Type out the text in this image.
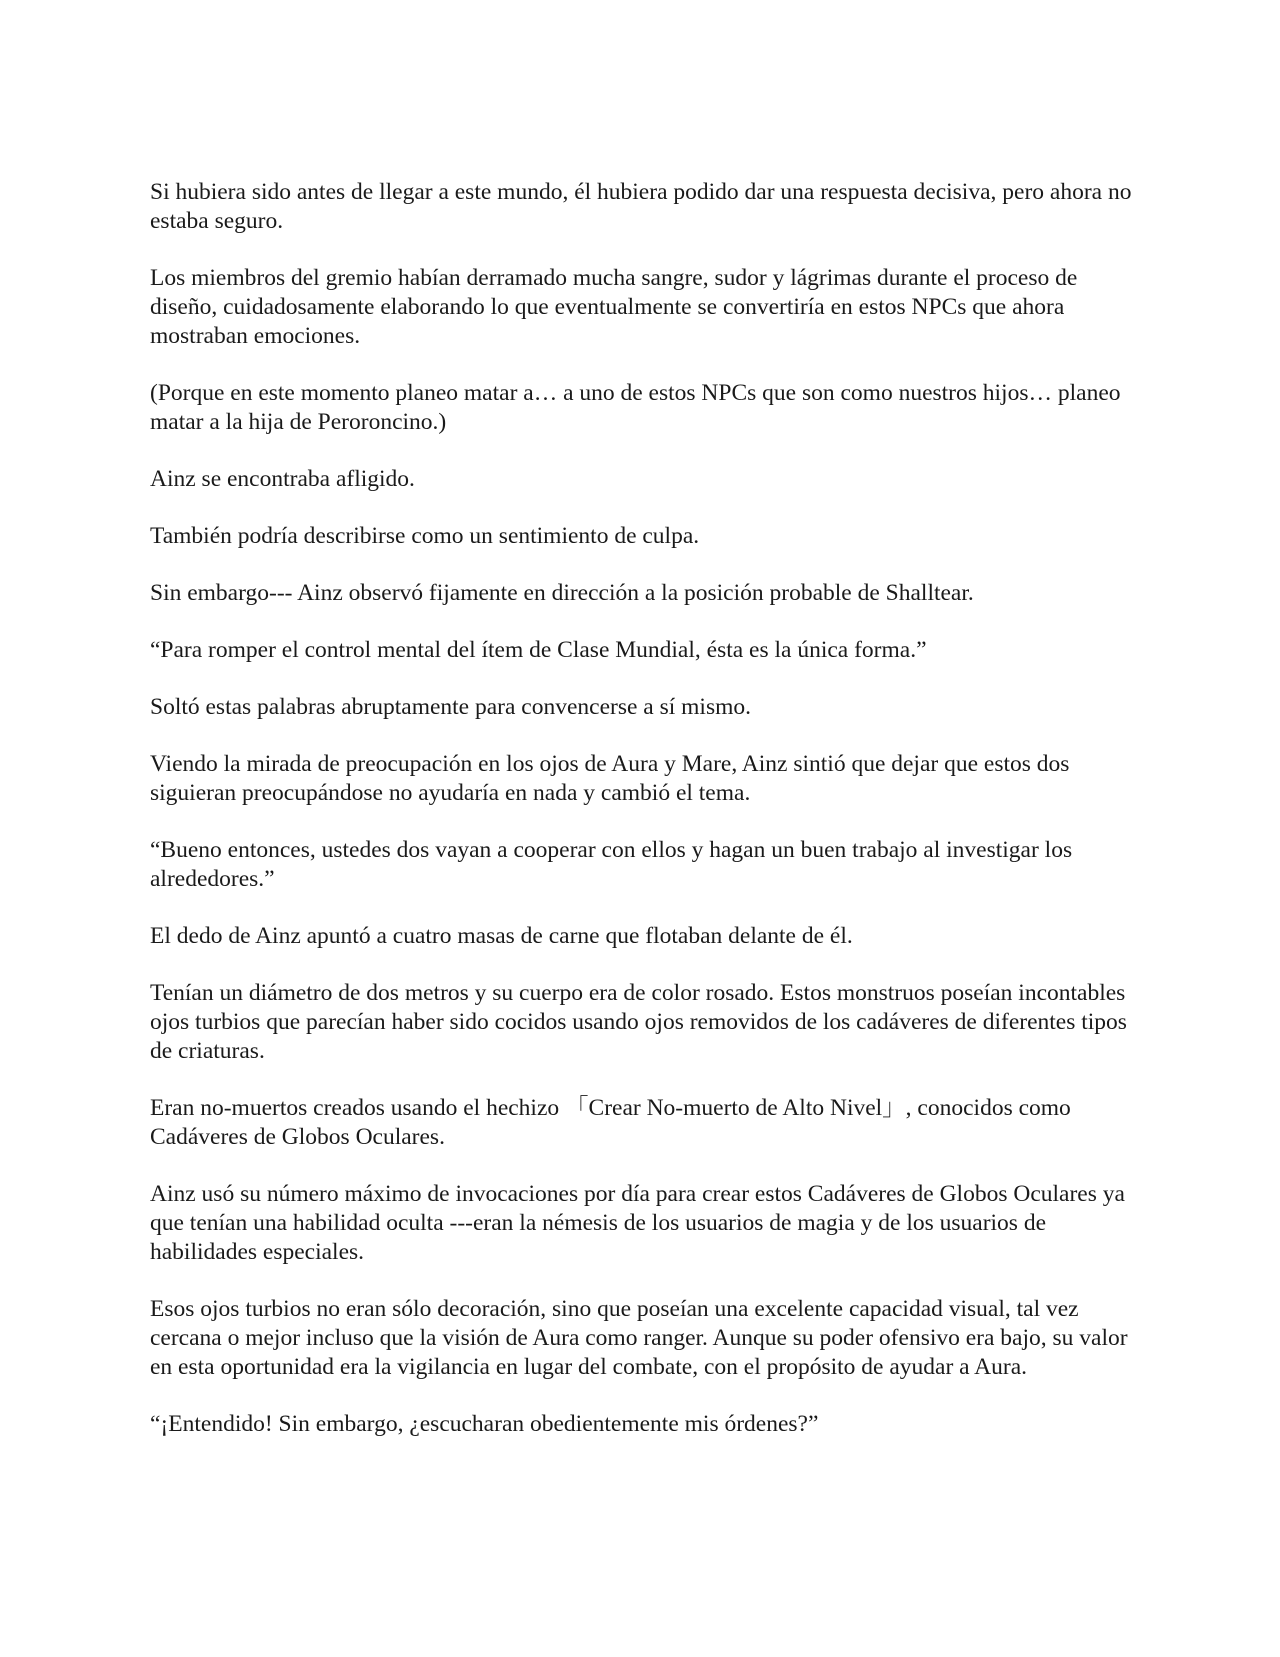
Si hubiera sido antes de llegar a este mundo, él hubiera podido dar una respuesta decisiva, pero ahora no estaba seguro.

Los miembros del gremio habían derramado mucha sangre, sudor y lágrimas durante el proceso de diseño, cuidadosamente elaborando lo que eventualmente se convertiría en estos NPCs que ahora mostraban emociones.

(Porque en este momento planeo matar a… a uno de estos NPCs que son como nuestros hijos… planeo matar a la hija de Peroroncino.)

Ainz se encontraba afligido.

También podría describirse como un sentimiento de culpa.

Sin embargo--- Ainz observó fijamente en dirección a la posición probable de Shalltear.

“Para romper el control mental del ítem de Clase Mundial, ésta es la única forma.”

Soltó estas palabras abruptamente para convencerse a sí mismo.

Viendo la mirada de preocupación en los ojos de Aura y Mare, Ainz sintió que dejar que estos dos siguieran preocupándose no ayudaría en nada y cambió el tema.

“Bueno entonces, ustedes dos vayan a cooperar con ellos y hagan un buen trabajo al investigar los alrededores.”

El dedo de Ainz apuntó a cuatro masas de carne que flotaban delante de él.

Tenían un diámetro de dos metros y su cuerpo era de color rosado. Estos monstruos poseían incontables ojos turbios que parecían haber sido cocidos usando ojos removidos de los cadáveres de diferentes tipos de criaturas.

Eran no-muertos creados usando el hechizo 「Crear No-muerto de Alto Nivel」, conocidos como Cadáveres de Globos Oculares.

Ainz usó su número máximo de invocaciones por día para crear estos Cadáveres de Globos Oculares ya que tenían una habilidad oculta ---eran la némesis de los usuarios de magia y de los usuarios de habilidades especiales.

Esos ojos turbios no eran sólo decoración, sino que poseían una excelente capacidad visual, tal vez cercana o mejor incluso que la visión de Aura como ranger. Aunque su poder ofensivo era bajo, su valor en esta oportunidad era la vigilancia en lugar del combate, con el propósito de ayudar a Aura.

“¡Entendido! Sin embargo, ¿escucharan obedientemente mis órdenes?”
